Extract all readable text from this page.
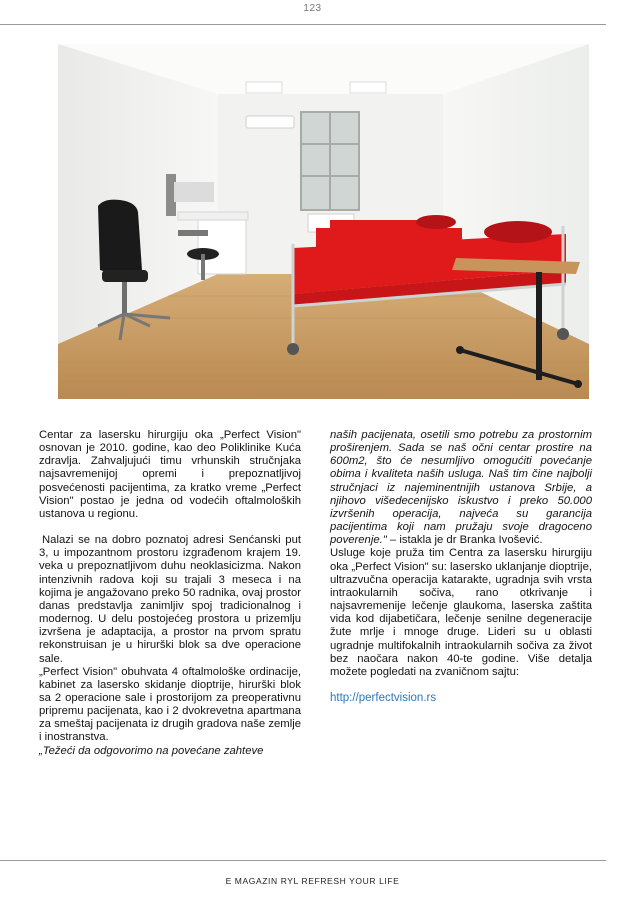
123

Centar za lasersku hirurgiju oka „Perfect Vision" osnovan je 2010. godine, kao deo Poliklinike Kuća zdravlja. Zahvaljujući timu vrhunskih stručnjaka najsavremenijoj opremi i prepoznatljivoj posvećenosti pacijentima, za kratko vreme „Perfect Vision" postao je jedna od vodećih oftalmoloških ustanova u regionu.

Nalazi se na dobro poznatoj adresi Senćanski put 3, u impozantnom prostoru izgrađenom krajem 19. veka u prepoznatljivom duhu neoklasicizma. Nakon intenzivnih radova koji su trajali 3 meseca i na kojima je angažovano preko 50 radnika, ovaj prostor danas predstavlja zanimljiv spoj tradicionalnog i modernog. U delu postojećeg prostora u prizemlju izvršena je adaptacija, a prostor na prvom spratu rekonstruisan je u hirurški blok sa dve operacione sale.

„Perfect Vision" obuhvata 4 oftalmološke ordinacije, kabinet za lasersko skidanje dioptrije, hirurški blok sa 2 operacione sale i prostorijom za preoperativnu pripremu pacijenata, kao i 2 dvokrevetna apartmana za smeštaj pacijenata iz drugih gradova naše zemlje i inostranstva.

„Težeći da odgovorimo na povećane zahteve

naših pacijenata, osetili smo potrebu za prostornim proširenjem. Sada se naš očni centar prostire na 600m2, što će nesumljivo omogućiti povećanje obima i kvaliteta naših usluga. Naš tim čine najbolji stručnjaci iz najeminentnijih ustanova Srbije, a njihovo višedecenijsko iskustvo i preko 50.000 izvršenih operacija, najveća su garancija pacijentima koji nam pružaju svoje dragoceno poverenje." – istakla je dr Branka Ivošević.

Usluge koje pruža tim Centra za lasersku hirurgiju oka „Perfect Vision" su: lasersko uklanjanje dioptrije, ultrazvučna operacija katarakte, ugradnja svih vrsta intraokularnih sočiva, rano otkrivanje i najsavremenije lečenje glaukoma, laserska zaštita vida kod dijabetičara, lečenje senilne degeneracije žute mrlje i mnoge druge. Lideri su u oblasti ugradnje multifokalnih intraokularnih sočiva za život bez naočara nakon 40-te godine. Više detalja možete pogledati na zvaničnom sajtu:

http://perfectvision.rs
E MAGAZIN RYL REFRESH YOUR LIFE
